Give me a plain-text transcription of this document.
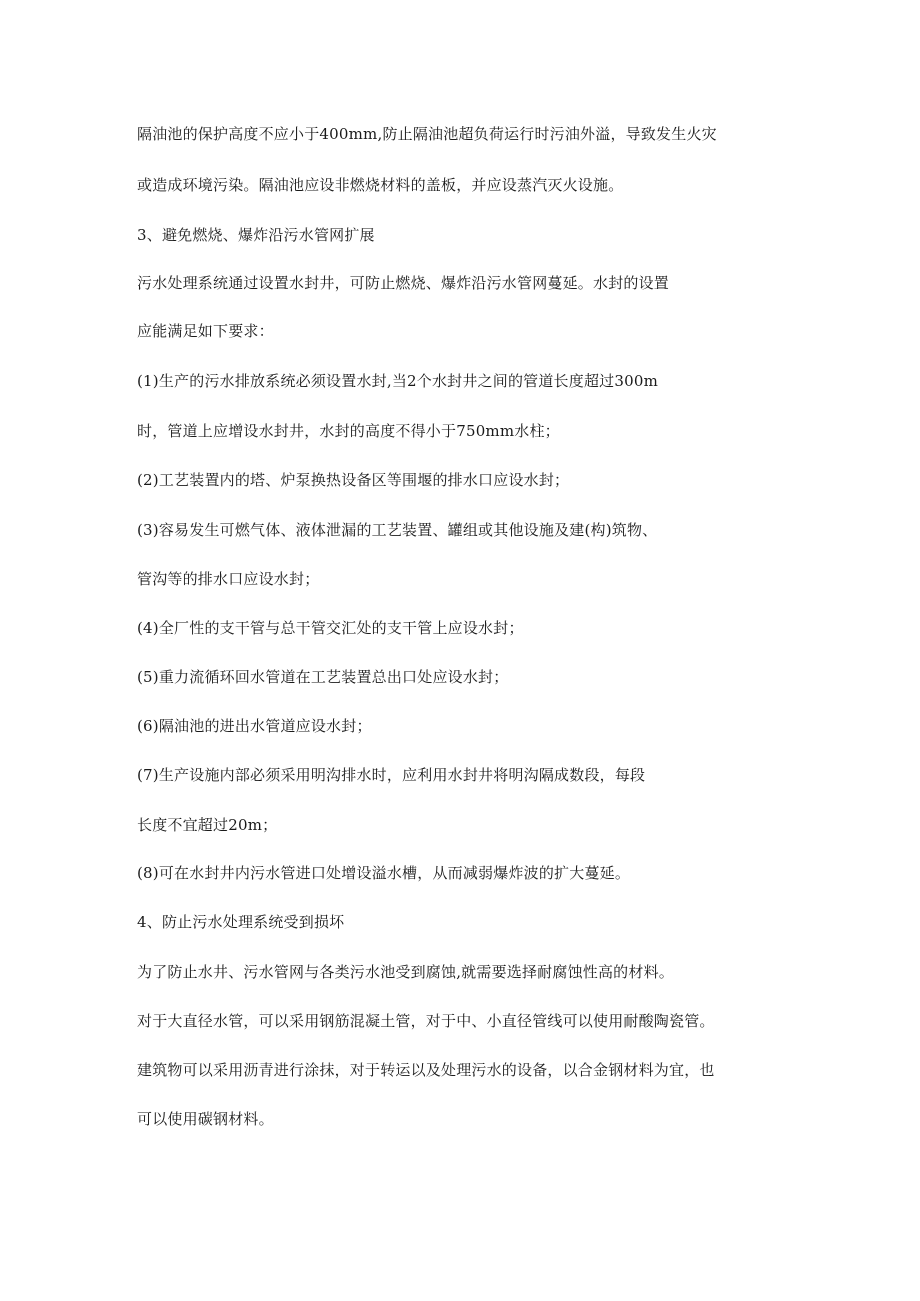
隔油池的保护高度不应小于400mm,防止隔油池超负荷运行时污油外溢，导致发生火灾
或造成环境污染。隔油池应设非燃烧材料的盖板，并应设蒸汽灭火设施。
3、避免燃烧、爆炸沿污水管网扩展
污水处理系统通过设置水封井，可防止燃烧、爆炸沿污水管网蔓延。水封的设置
应能满足如下要求：
(1)生产的污水排放系统必须设置水封,当2个水封井之间的管道长度超过300m
时，管道上应增设水封井，水封的高度不得小于750mm水柱；
(2)工艺装置内的塔、炉泵换热设备区等围堰的排水口应设水封；
(3)容易发生可燃气体、液体泄漏的工艺装置、罐组或其他设施及建(构)筑物、
管沟等的排水口应设水封；
(4)全厂性的支干管与总干管交汇处的支干管上应设水封；
(5)重力流循环回水管道在工艺装置总出口处应设水封；
(6)隔油池的进出水管道应设水封；
(7)生产设施内部必须采用明沟排水时，应利用水封井将明沟隔成数段，每段
长度不宜超过20m；
(8)可在水封井内污水管进口处增设溢水槽，从而减弱爆炸波的扩大蔓延。
4、防止污水处理系统受到损坏
为了防止水井、污水管网与各类污水池受到腐蚀,就需要选择耐腐蚀性高的材料。
对于大直径水管，可以采用钢筋混凝土管，对于中、小直径管线可以使用耐酸陶瓷管。
建筑物可以采用沥青进行涂抹，对于转运以及处理污水的设备，以合金钢材料为宜，也
可以使用碳钢材料。
